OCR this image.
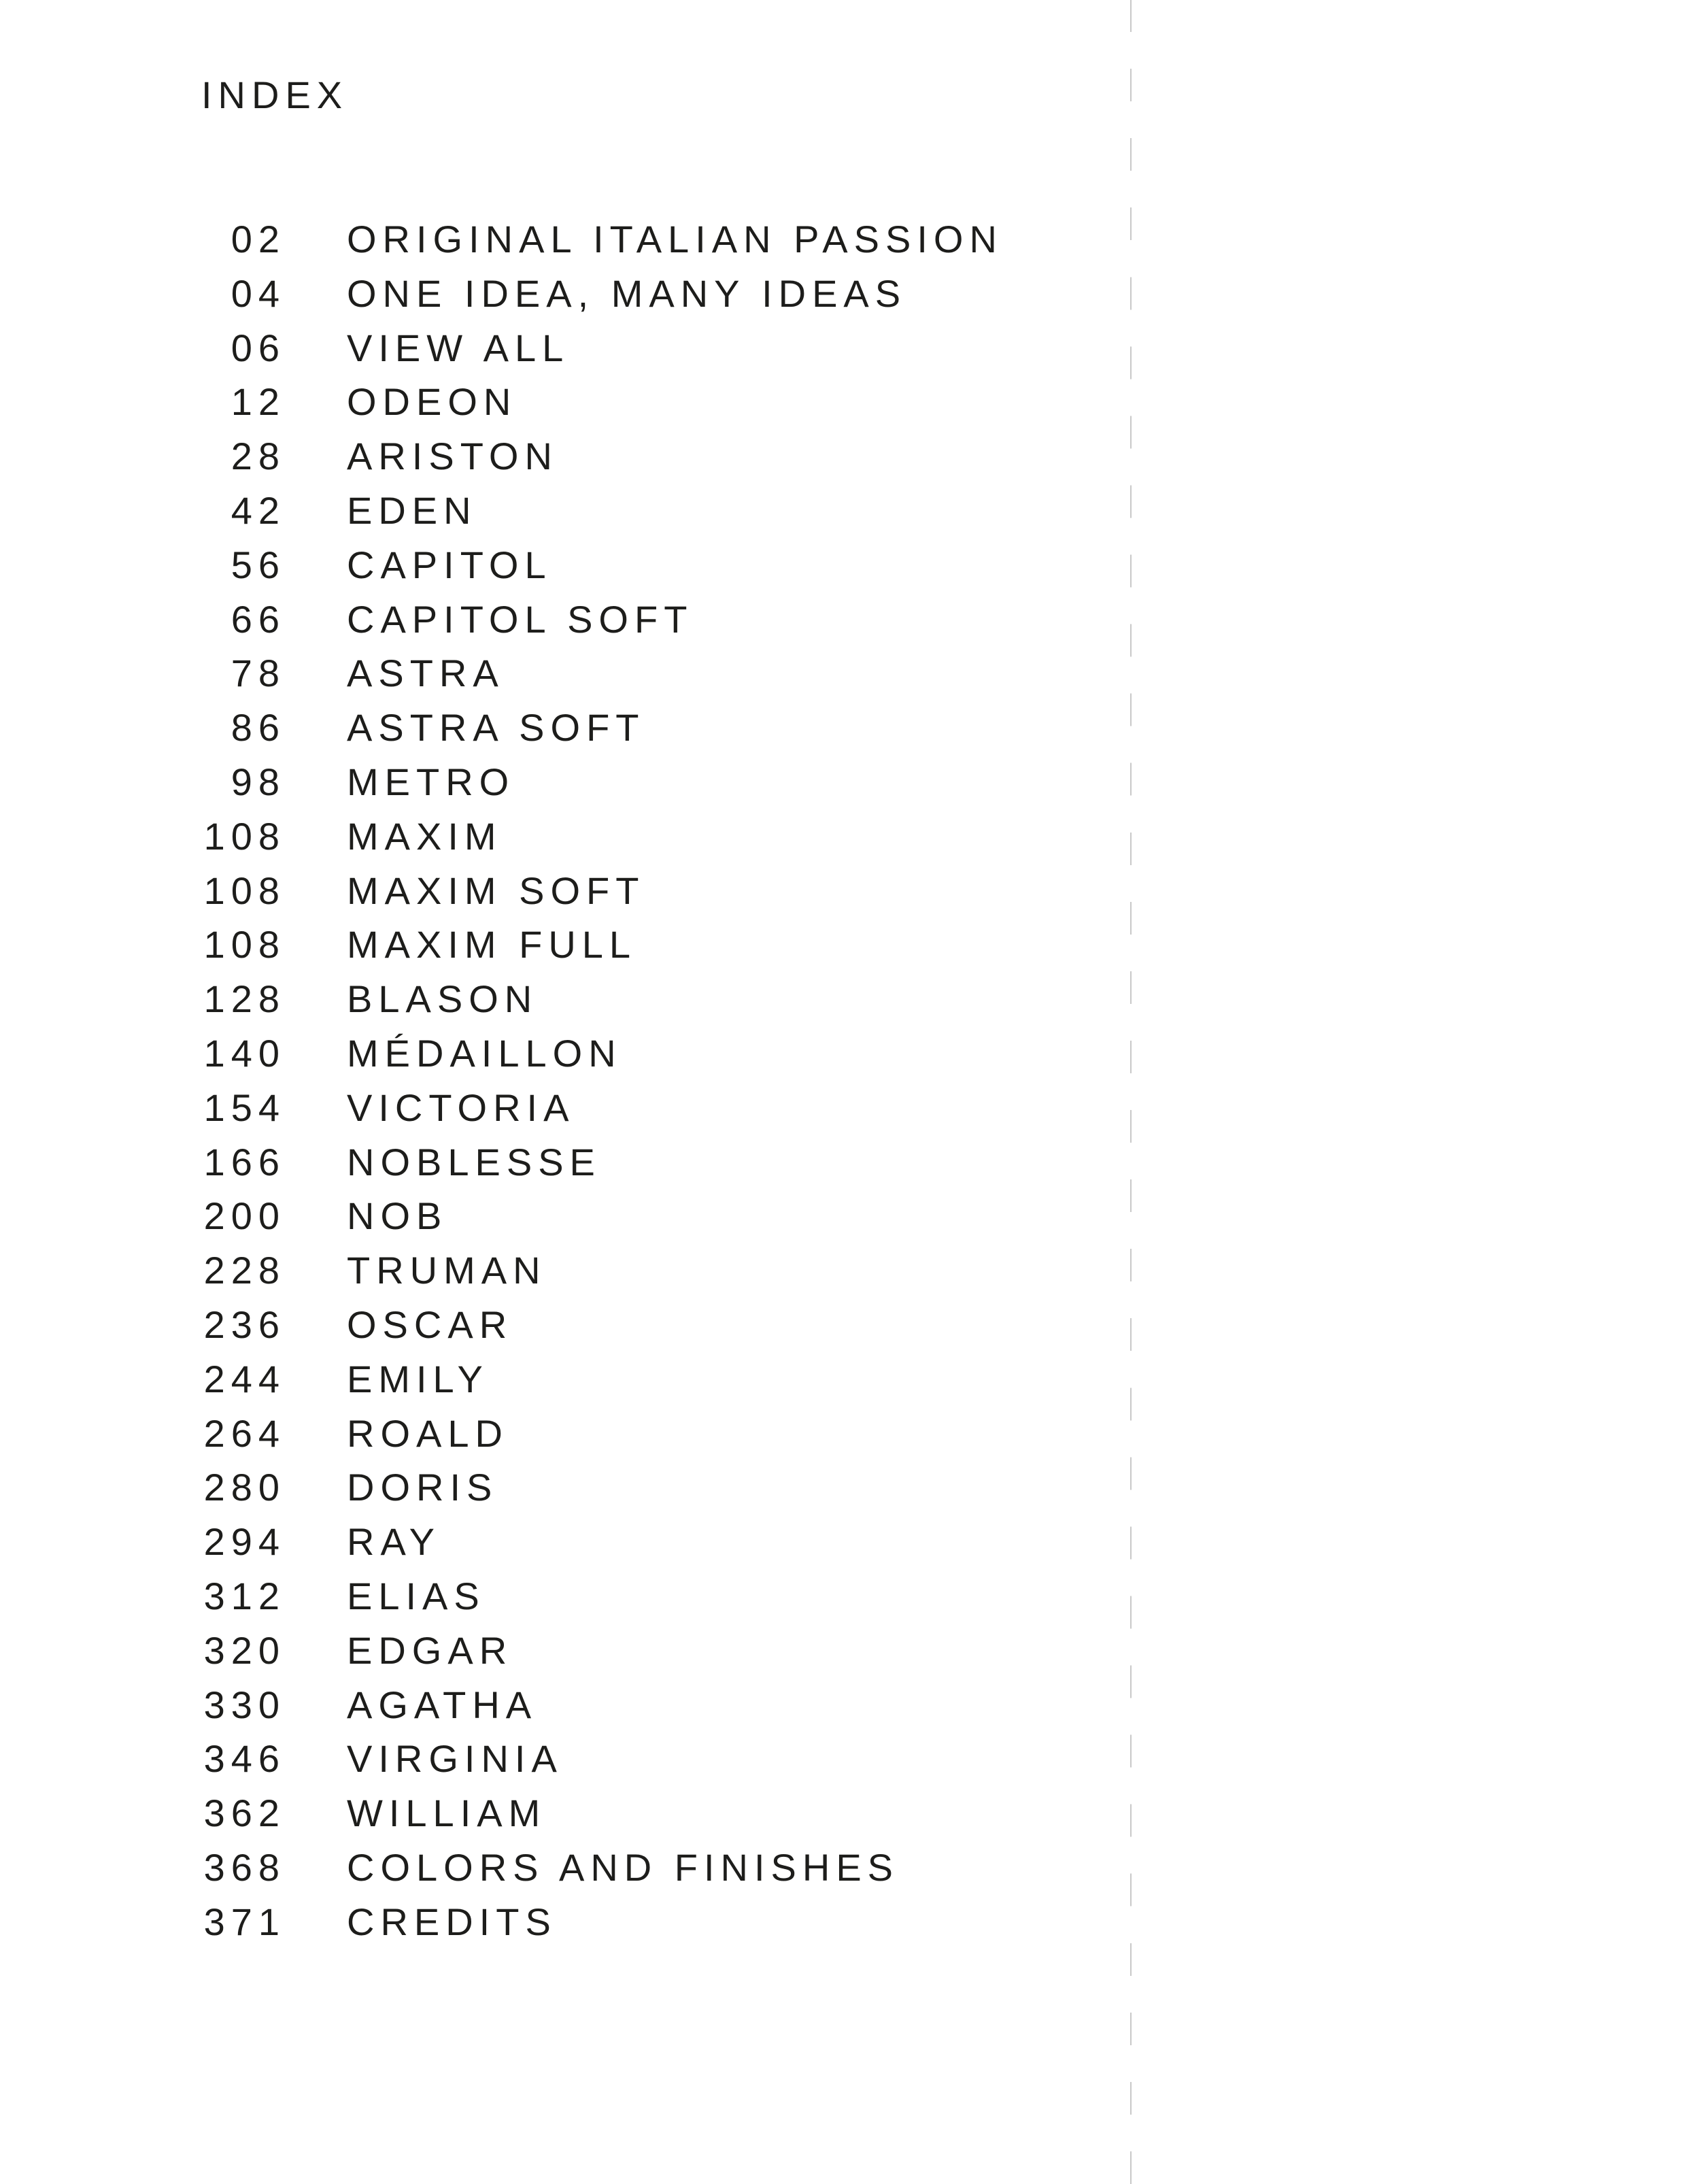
INDEX
02 ORIGINAL ITALIAN PASSION
04 ONE IDEA, MANY IDEAS
06 VIEW ALL
12 ODEON
28 ARISTON
42 EDEN
56 CAPITOL
66 CAPITOL SOFT
78 ASTRA
86 ASTRA SOFT
98 METRO
108 MAXIM
108 MAXIM SOFT
108 MAXIM FULL
128 BLASON
140 MÉDAILLON
154 VICTORIA
166 NOBLESSE
200 NOB
228 TRUMAN
236 OSCAR
244 EMILY
264 ROALD
280 DORIS
294 RAY
312 ELIAS
320 EDGAR
330 AGATHA
346 VIRGINIA
362 WILLIAM
368 COLORS AND FINISHES
371 CREDITS
